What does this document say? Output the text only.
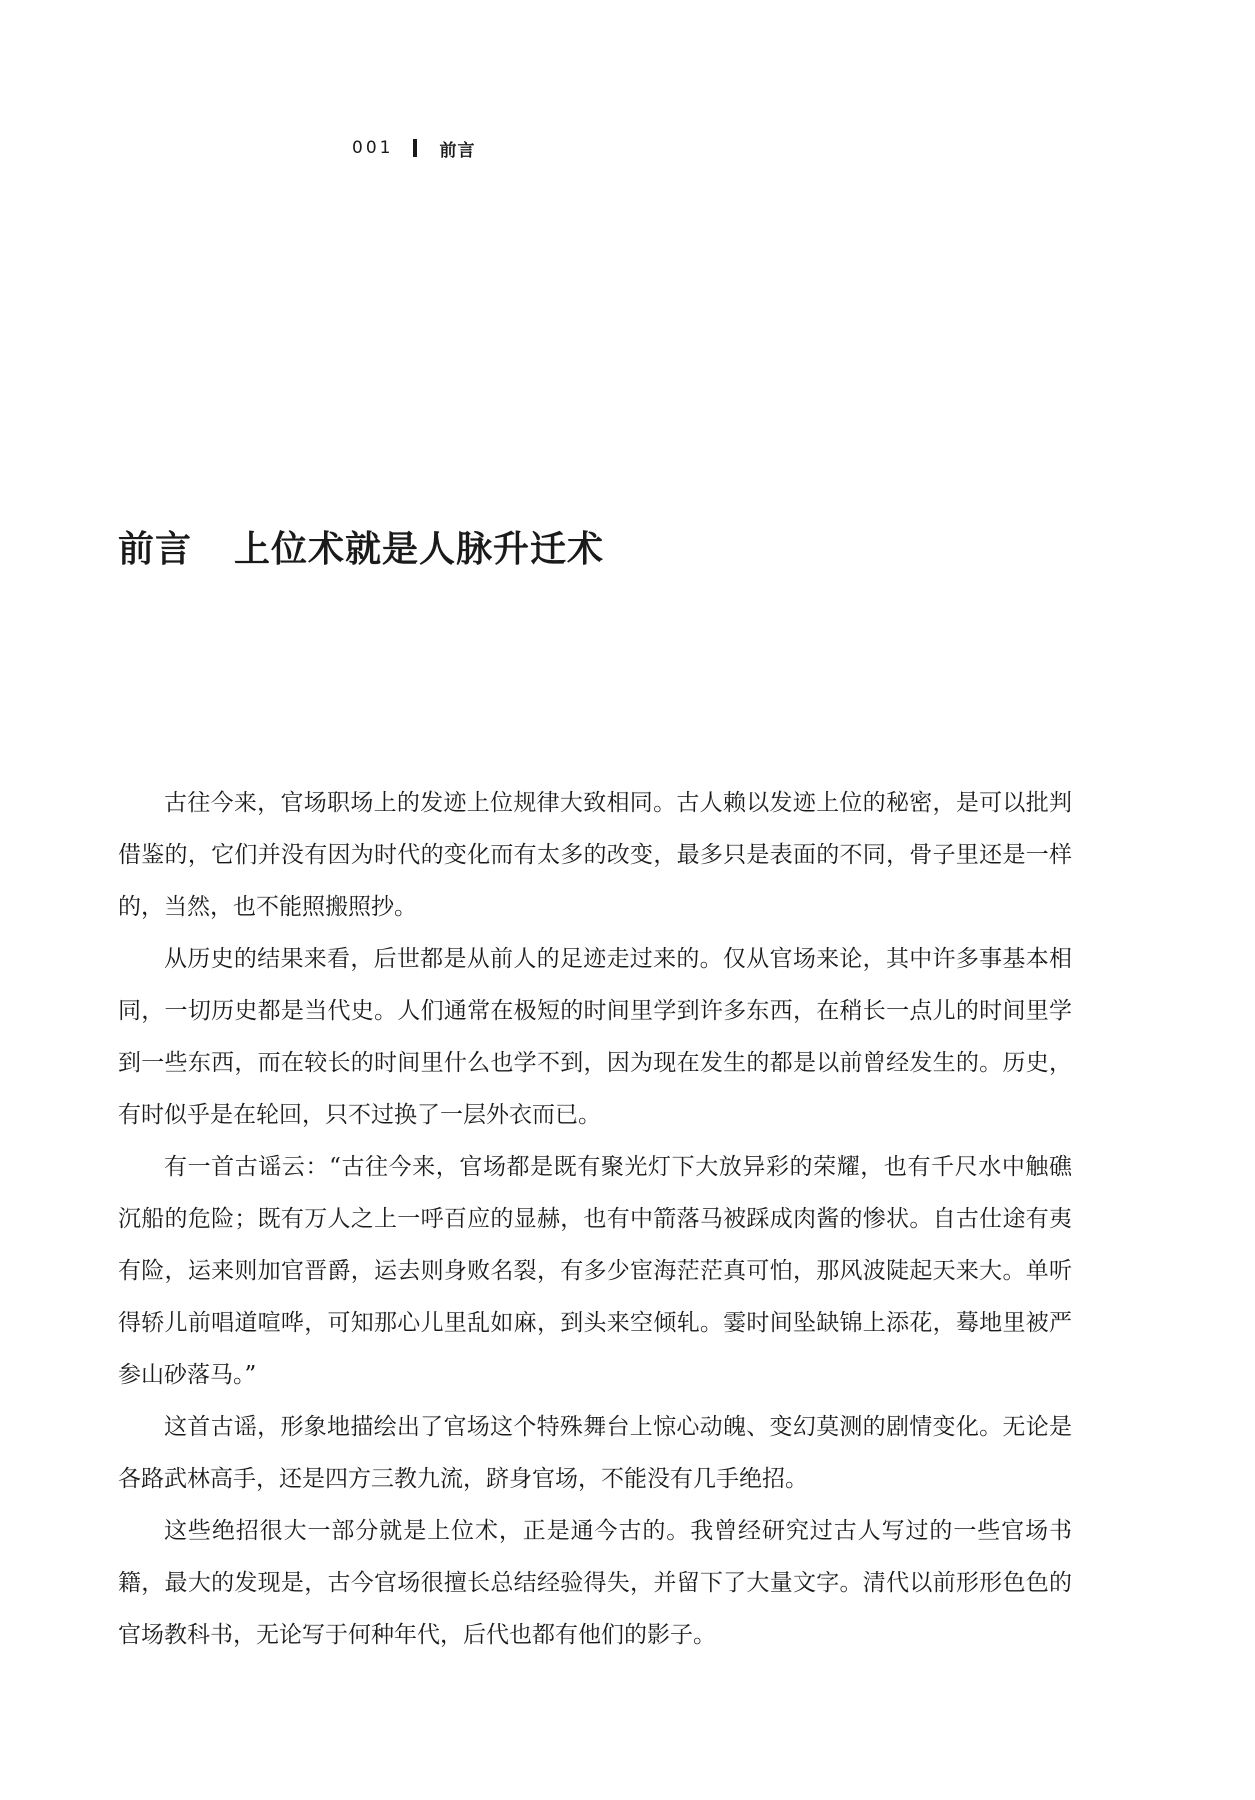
001	前言
前言 上位术就是人脉升迁术

古往今来，官场职场上的发迹上位规律大致相同。古人赖以发迹上位的秘密，是可以批判借鉴的，它们并没有因为时代的变化而有太多的改变，最多只是表面的不同，骨子里还是一样的，当然，也不能照搬照抄。

从历史的结果来看，后世都是从前人的足迹走过来的。仅从官场来论，其中许多事基本相同，一切历史都是当代史。人们通常在极短的时间里学到许多东西，在稍长一点儿的时间里学到一些东西，而在较长的时间里什么也学不到，因为现在发生的都是以前曾经发生的。历史，有时似乎是在轮回，只不过换了一层外衣而已。

有一首古谣云：“古往今来，官场都是既有聚光灯下大放异彩的荣耀，也有千尺水中触礁沉船的危险；既有万人之上一呼百应的显赫，也有中箭落马被踩成肉酱的惨状。自古仕途有夷有险，运来则加官晋爵，运去则身败名裂，有多少宦海茫茫真可怕，那风波陡起天来大。单听得轿儿前唱道喧哗，可知那心儿里乱如麻，到头来空倾轧。霎时间坠缺锦上添花，蓦地里被严参山砂落马。”

这首古谣，形象地描绘出了官场这个特殊舞台上惊心动魄、变幻莫测的剧情变化。无论是各路武林高手，还是四方三教九流，跻身官场，不能没有几手绝招。

这些绝招很大一部分就是上位术，正是通今古的。我曾经研究过古人写过的一些官场书籍，最大的发现是，古今官场很擅长总结经验得失，并留下了大量文字。清代以前形形色色的官场教科书，无论写于何种年代，后代也都有他们的影子。
